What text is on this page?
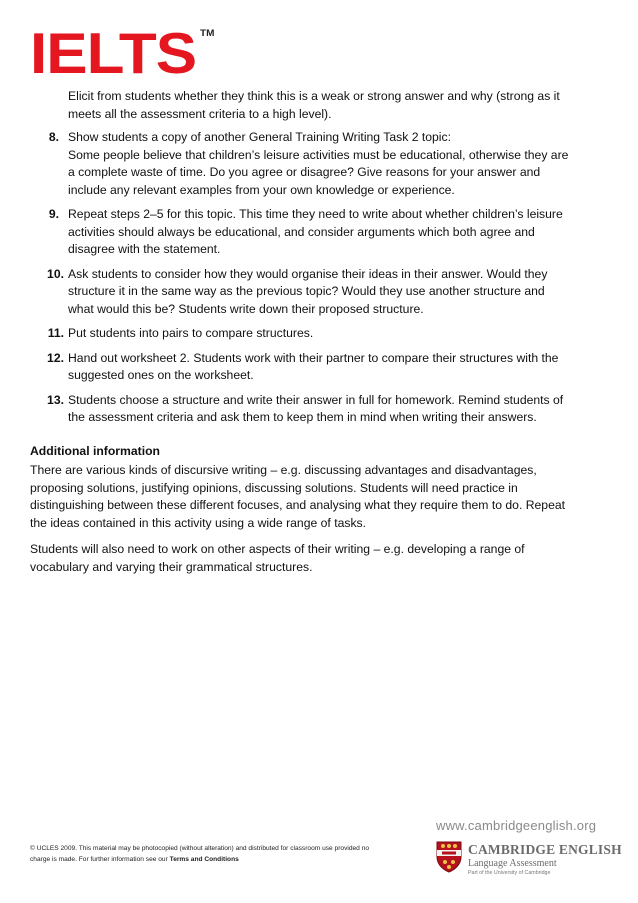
IELTS TM
Elicit from students whether they think this is a weak or strong answer and why (strong as it meets all the assessment criteria to a high level).
8. Show students a copy of another General Training Writing Task 2 topic:
Some people believe that children’s leisure activities must be educational, otherwise they are a complete waste of time. Do you agree or disagree? Give reasons for your answer and include any relevant examples from your own knowledge or experience.
9. Repeat steps 2–5 for this topic. This time they need to write about whether children’s leisure activities should always be educational, and consider arguments which both agree and disagree with the statement.
10. Ask students to consider how they would organise their ideas in their answer. Would they structure it in the same way as the previous topic? Would they use another structure and what would this be? Students write down their proposed structure.
11. Put students into pairs to compare structures.
12. Hand out worksheet 2. Students work with their partner to compare their structures with the suggested ones on the worksheet.
13. Students choose a structure and write their answer in full for homework. Remind students of the assessment criteria and ask them to keep them in mind when writing their answers.
Additional information

There are various kinds of discursive writing – e.g. discussing advantages and disadvantages, proposing solutions, justifying opinions, discussing solutions. Students will need practice in distinguishing between these different focuses, and analysing what they require them to do. Repeat the ideas contained in this activity using a wide range of tasks.

Students will also need to work on other aspects of their writing – e.g. developing a range of vocabulary and varying their grammatical structures.

© UCLES 2009. This material may be photocopied (without alteration) and distributed for classroom use provided no charge is made. For further information see our Terms and Conditions
www.cambridgeenglish.org
CAMBRIDGE ENGLISH
Language Assessment
Part of the University of Cambridge
